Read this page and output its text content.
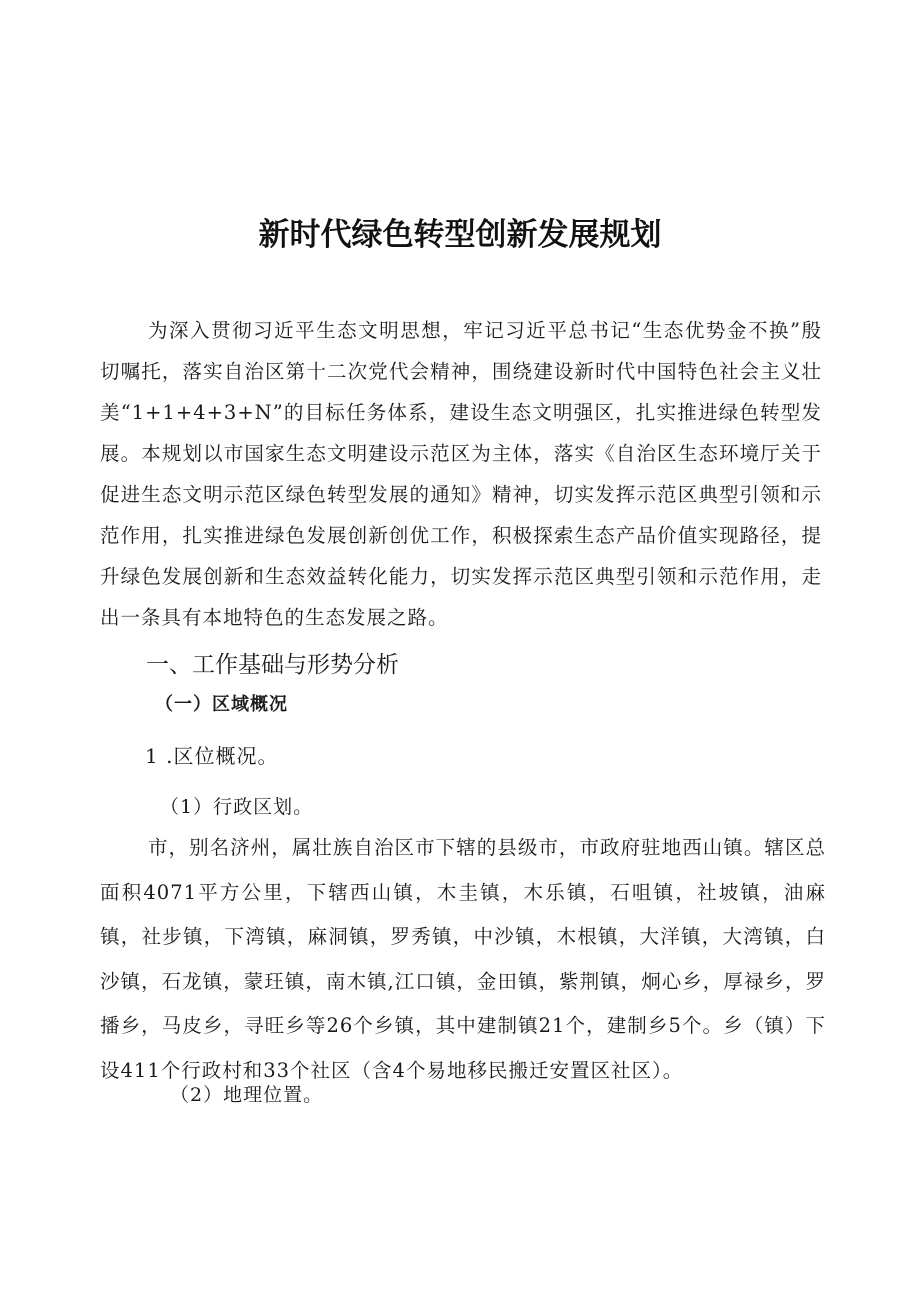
新时代绿色转型创新发展规划

为深入贯彻习近平生态文明思想，牢记习近平总书记“生态优势金不换”殷切嘱托，落实自治区第十二次党代会精神，围绕建设新时代中国特色社会主义壮美“1+1+4+3+N”的目标任务体系，建设生态文明强区，扎实推进绿色转型发展。本规划以市国家生态文明建设示范区为主体，落实《自治区生态环境厅关于促进生态文明示范区绿色转型发展的通知》精神，切实发挥示范区典型引领和示范作用，扎实推进绿色发展创新创优工作，积极探索生态产品价值实现路径，提升绿色发展创新和生态效益转化能力，切实发挥示范区典型引领和示范作用，走出一条具有本地特色的生态发展之路。

一、工作基础与形势分析
（一）区域概况
1 .区位概况。
（1）行政区划。

市，别名济州，属壮族自治区市下辖的县级市，市政府驻地西山镇。辖区总面积4071平方公里，下辖西山镇，木圭镇，木乐镇，石咀镇，社坡镇，油麻镇，社步镇，下湾镇，麻洞镇，罗秀镇，中沙镇，木根镇，大洋镇，大湾镇，白沙镇，石龙镇，蒙玨镇，南木镇,江口镇，金田镇，紫荆镇，炯心乡，厚禄乡，罗播乡，马皮乡，寻旺乡等26个乡镇，其中建制镇21个，建制乡5个。乡（镇）下设411个行政村和33个社区（含4个易地移民搬迁安置区社区）。

（2）地理位置。
